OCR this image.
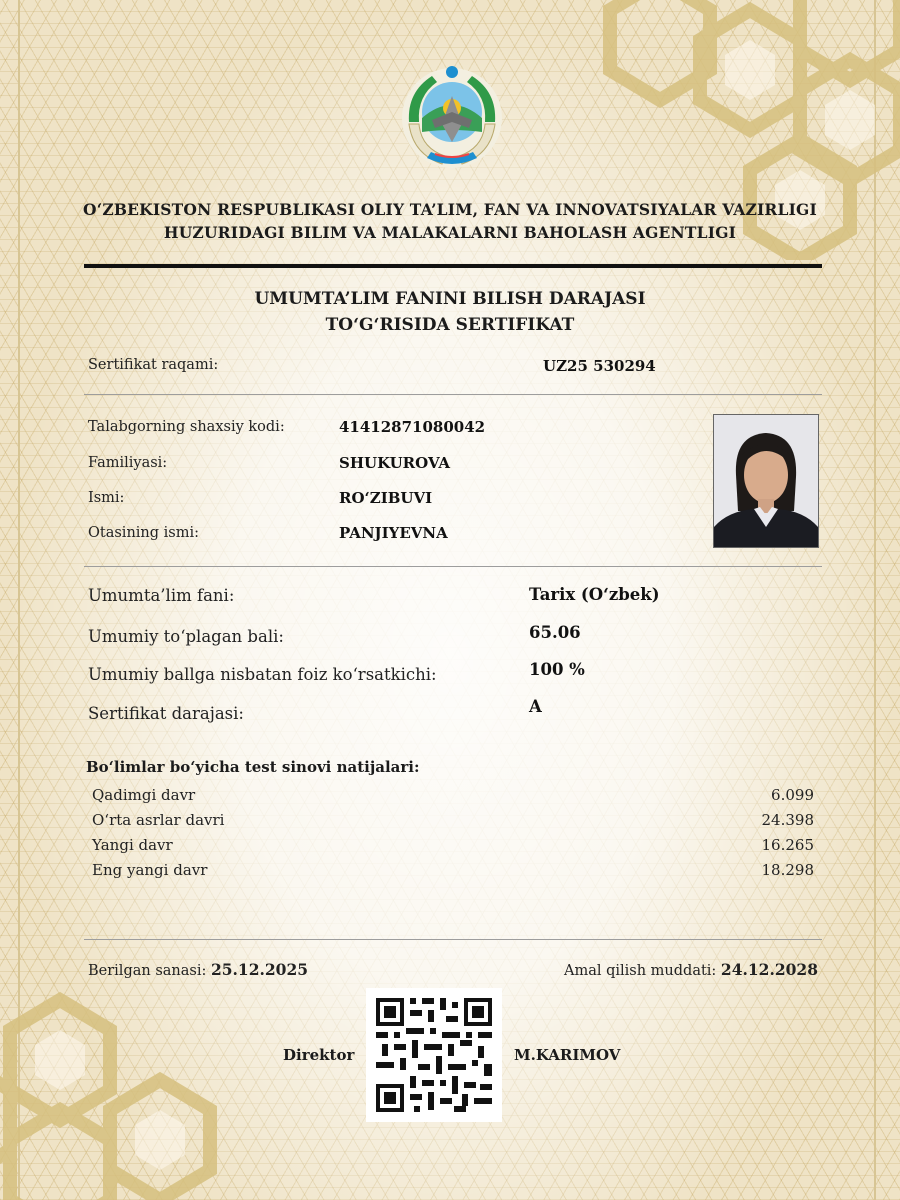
O‘ZBEKISTON RESPUBLIKASI OLIY TA’LIM, FAN VA INNOVATSIYALAR VAZIRLIGI
HUZURIDAGI BILIM VA MALAKALARNI BAHOLASH AGENTLIGI
UMUMTA’LIM FANINI BILISH DARAJASI
TO‘G‘RISIDA SERTIFIKAT
Sertifikat raqami:	UZ25 530294
Talabgorning shaxsiy kodi:	41412871080042
Familiyasi:	SHUKUROVA
Ismi:	RO‘ZIBUVI
Otasining ismi:	PANJIYEVNA
Umumta’lim fani:	Tarix (O‘zbek)
Umumiy to‘plagan bali:	65.06
Umumiy ballga nisbatan foiz ko‘rsatkichi:	100 %
Sertifikat darajasi:	A
Bo‘limlar bo‘yicha test sinovi natijalari:
Qadimgi davr	6.099
O‘rta asrlar davri	24.398
Yangi davr	16.265
Eng yangi davr	18.298
Berilgan sanasi: 25.12.2025	Amal qilish muddati: 24.12.2028
Direktor	M.KARIMOV
